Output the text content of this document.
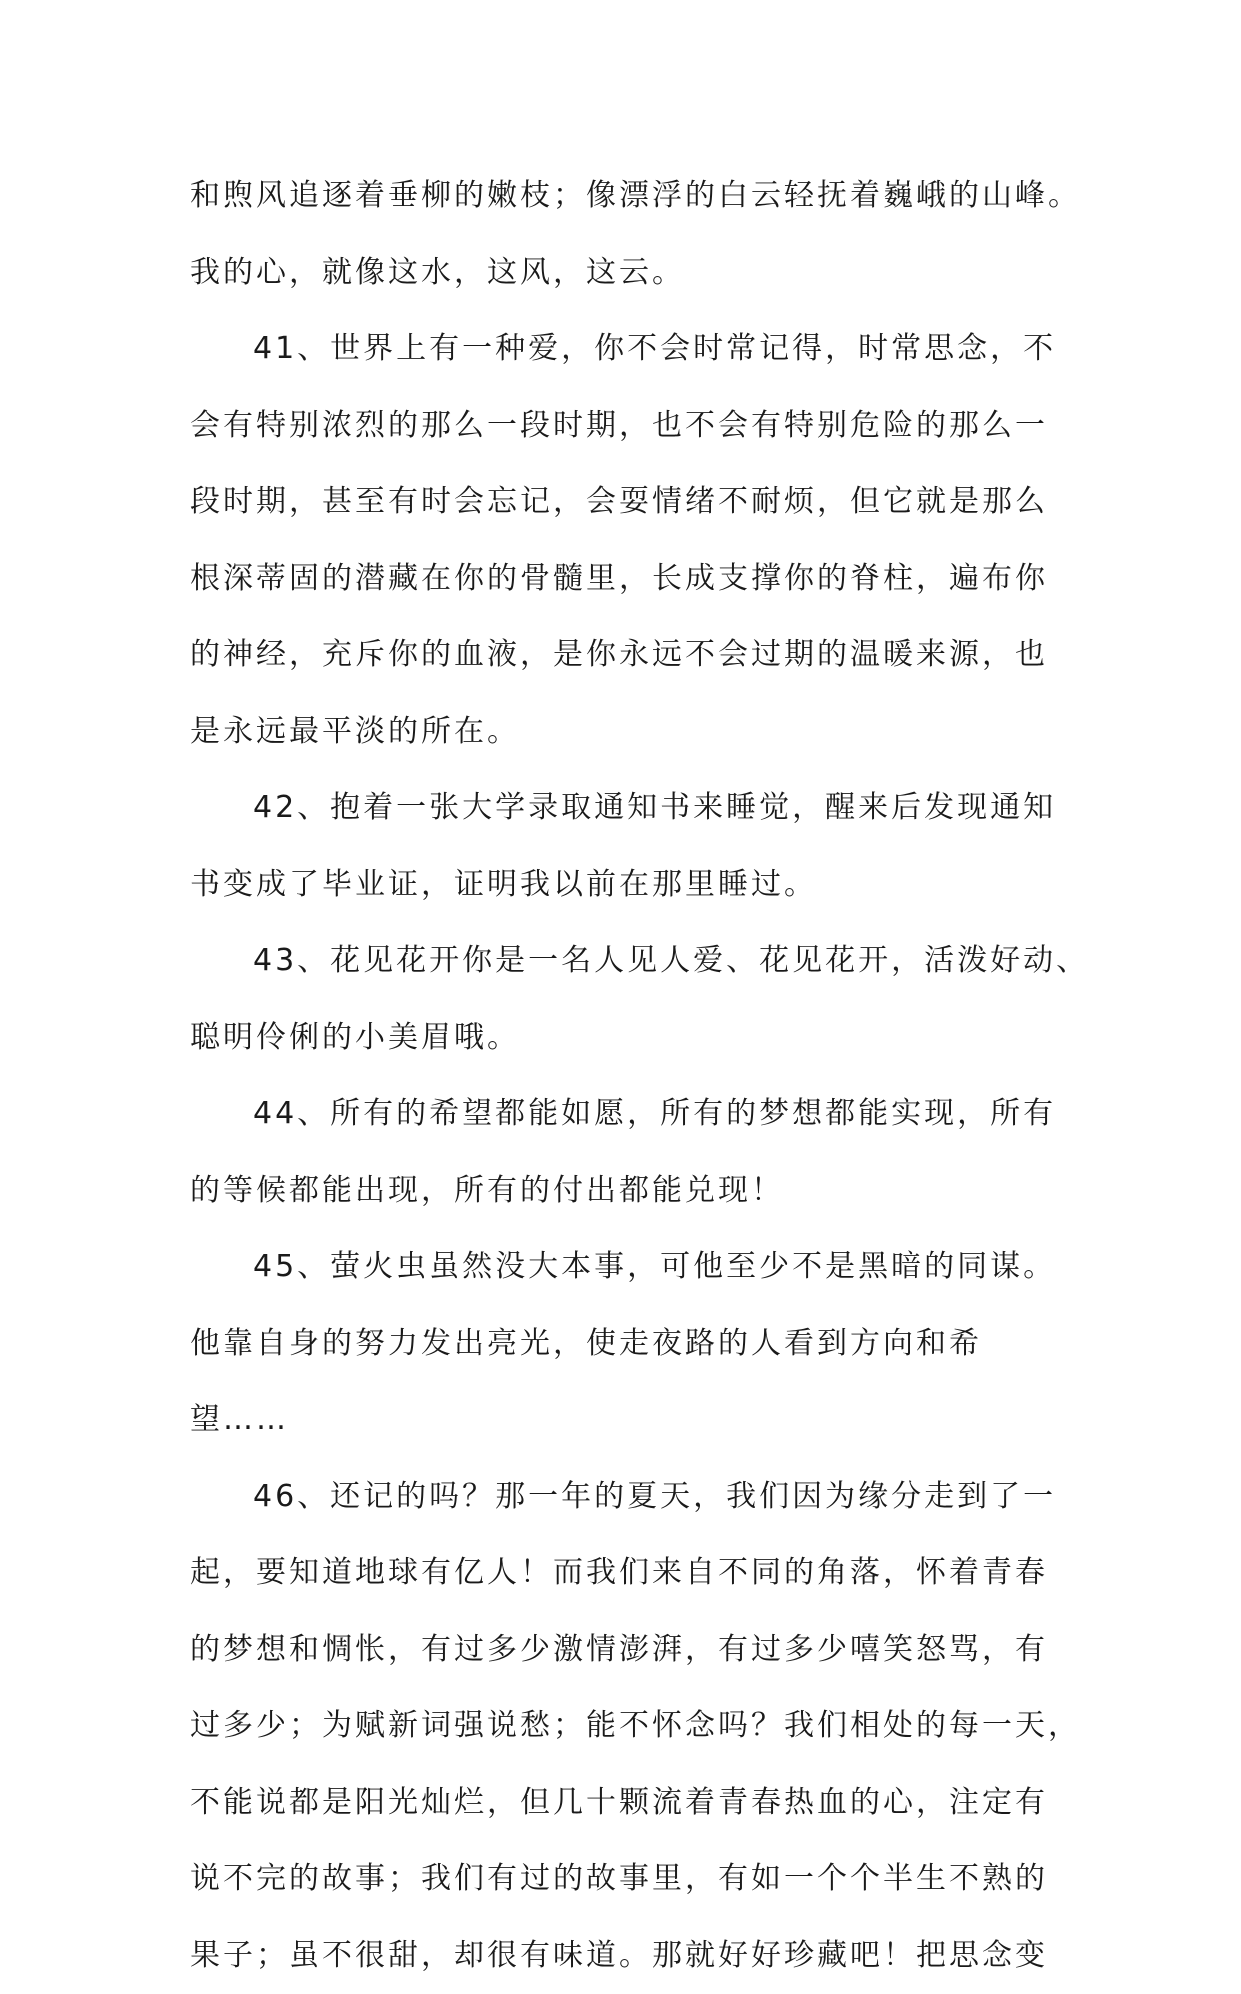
和煦风追逐着垂柳的嫩枝；像漂浮的白云轻抚着巍峨的山峰。
我的心，就像这水，这风，这云。
41、世界上有一种爱，你不会时常记得，时常思念，不
会有特别浓烈的那么一段时期，也不会有特别危险的那么一
段时期，甚至有时会忘记，会耍情绪不耐烦，但它就是那么
根深蒂固的潜藏在你的骨髓里，长成支撑你的脊柱，遍布你
的神经，充斥你的血液，是你永远不会过期的温暖来源，也
是永远最平淡的所在。
42、抱着一张大学录取通知书来睡觉，醒来后发现通知
书变成了毕业证，证明我以前在那里睡过。
43、花见花开你是一名人见人爱、花见花开，活泼好动、
聪明伶俐的小美眉哦。
44、所有的希望都能如愿，所有的梦想都能实现，所有
的等候都能出现，所有的付出都能兑现！
45、萤火虫虽然没大本事，可他至少不是黑暗的同谋。
他靠自身的努力发出亮光，使走夜路的人看到方向和希
望……
46、还记的吗？那一年的夏天，我们因为缘分走到了一
起，要知道地球有亿人！而我们来自不同的角落，怀着青春
的梦想和惆怅，有过多少激情澎湃，有过多少嘻笑怒骂，有
过多少；为赋新词强说愁；能不怀念吗？我们相处的每一天，
不能说都是阳光灿烂，但几十颗流着青春热血的心，注定有
说不完的故事；我们有过的故事里，有如一个个半生不熟的
果子；虽不很甜，却很有味道。那就好好珍藏吧！把思念变
